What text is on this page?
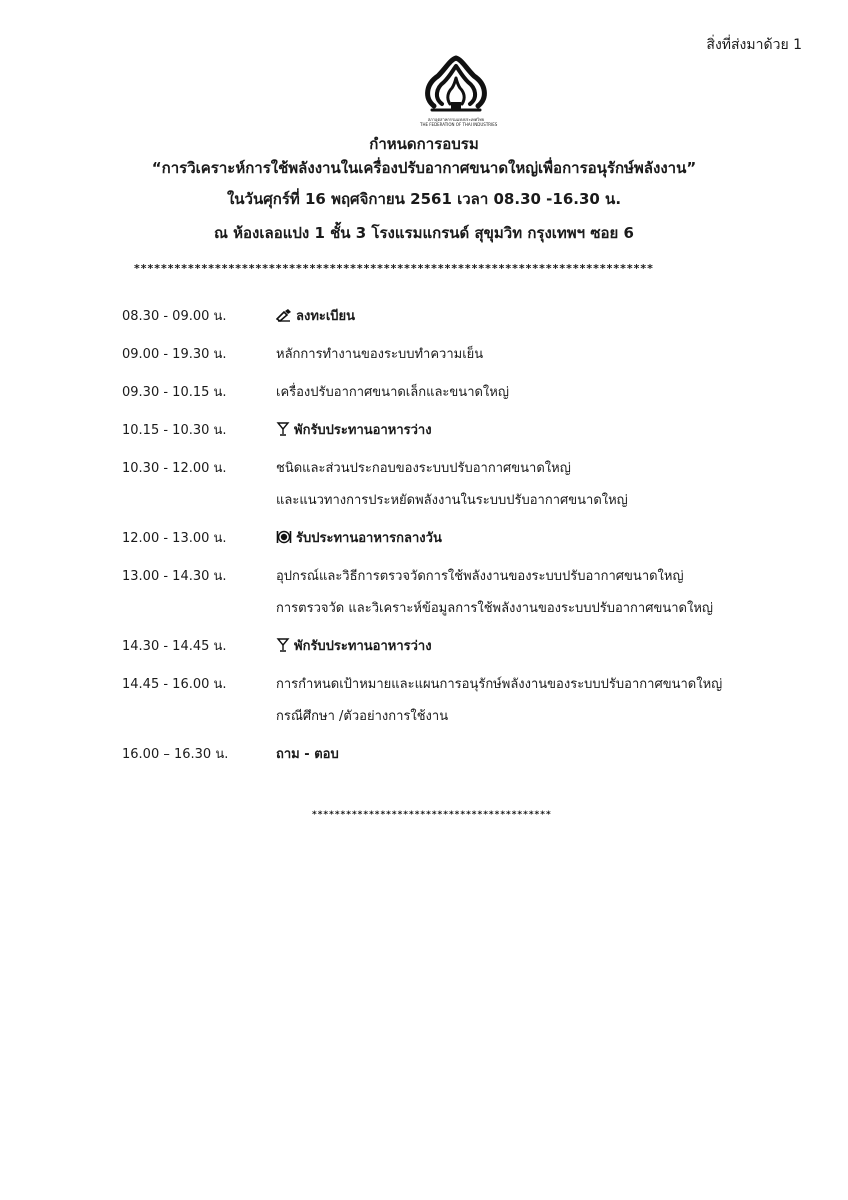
สิ่งที่ส่งมาด้วย 1
สภาอุตสาหกรรมแห่งประเทศไทย
THE FEDERATION OF THAI INDUSTRIES
กำหนดการอบรม
“การวิเคราะห์การใช้พลังงานในเครื่องปรับอากาศขนาดใหญ่เพื่อการอนุรักษ์พลังงาน”
ในวันศุกร์ที่ 16 พฤศจิกายน 2561 เวลา 08.30 -16.30 น.
ณ ห้องเลอแปง 1 ชั้น 3 โรงแรมแกรนด์ สุขุมวิท กรุงเทพฯ ซอย 6
*****************************************************************************
08.30 - 09.00 น.	ลงทะเบียน
09.00 - 19.30 น.	หลักการทำงานของระบบทำความเย็น
09.30 - 10.15 น.	เครื่องปรับอากาศขนาดเล็กและขนาดใหญ่
10.15 - 10.30 น.	พักรับประทานอาหารว่าง
10.30 - 12.00 น.	ชนิดและส่วนประกอบของระบบปรับอากาศขนาดใหญ่
และแนวทางการประหยัดพลังงานในระบบปรับอากาศขนาดใหญ่
12.00 - 13.00 น.	รับประทานอาหารกลางวัน
13.00 - 14.30 น.	อุปกรณ์และวิธีการตรวจวัดการใช้พลังงานของระบบปรับอากาศขนาดใหญ่
การตรวจวัด และวิเคราะห์ข้อมูลการใช้พลังงานของระบบปรับอากาศขนาดใหญ่
14.30 - 14.45 น.	พักรับประทานอาหารว่าง
14.45 - 16.00 น.	การกำหนดเป้าหมายและแผนการอนุรักษ์พลังงานของระบบปรับอากาศขนาดใหญ่
กรณีศึกษา /ตัวอย่างการใช้งาน
16.00 – 16.30 น.	ถาม - ตอบ
******************************************
